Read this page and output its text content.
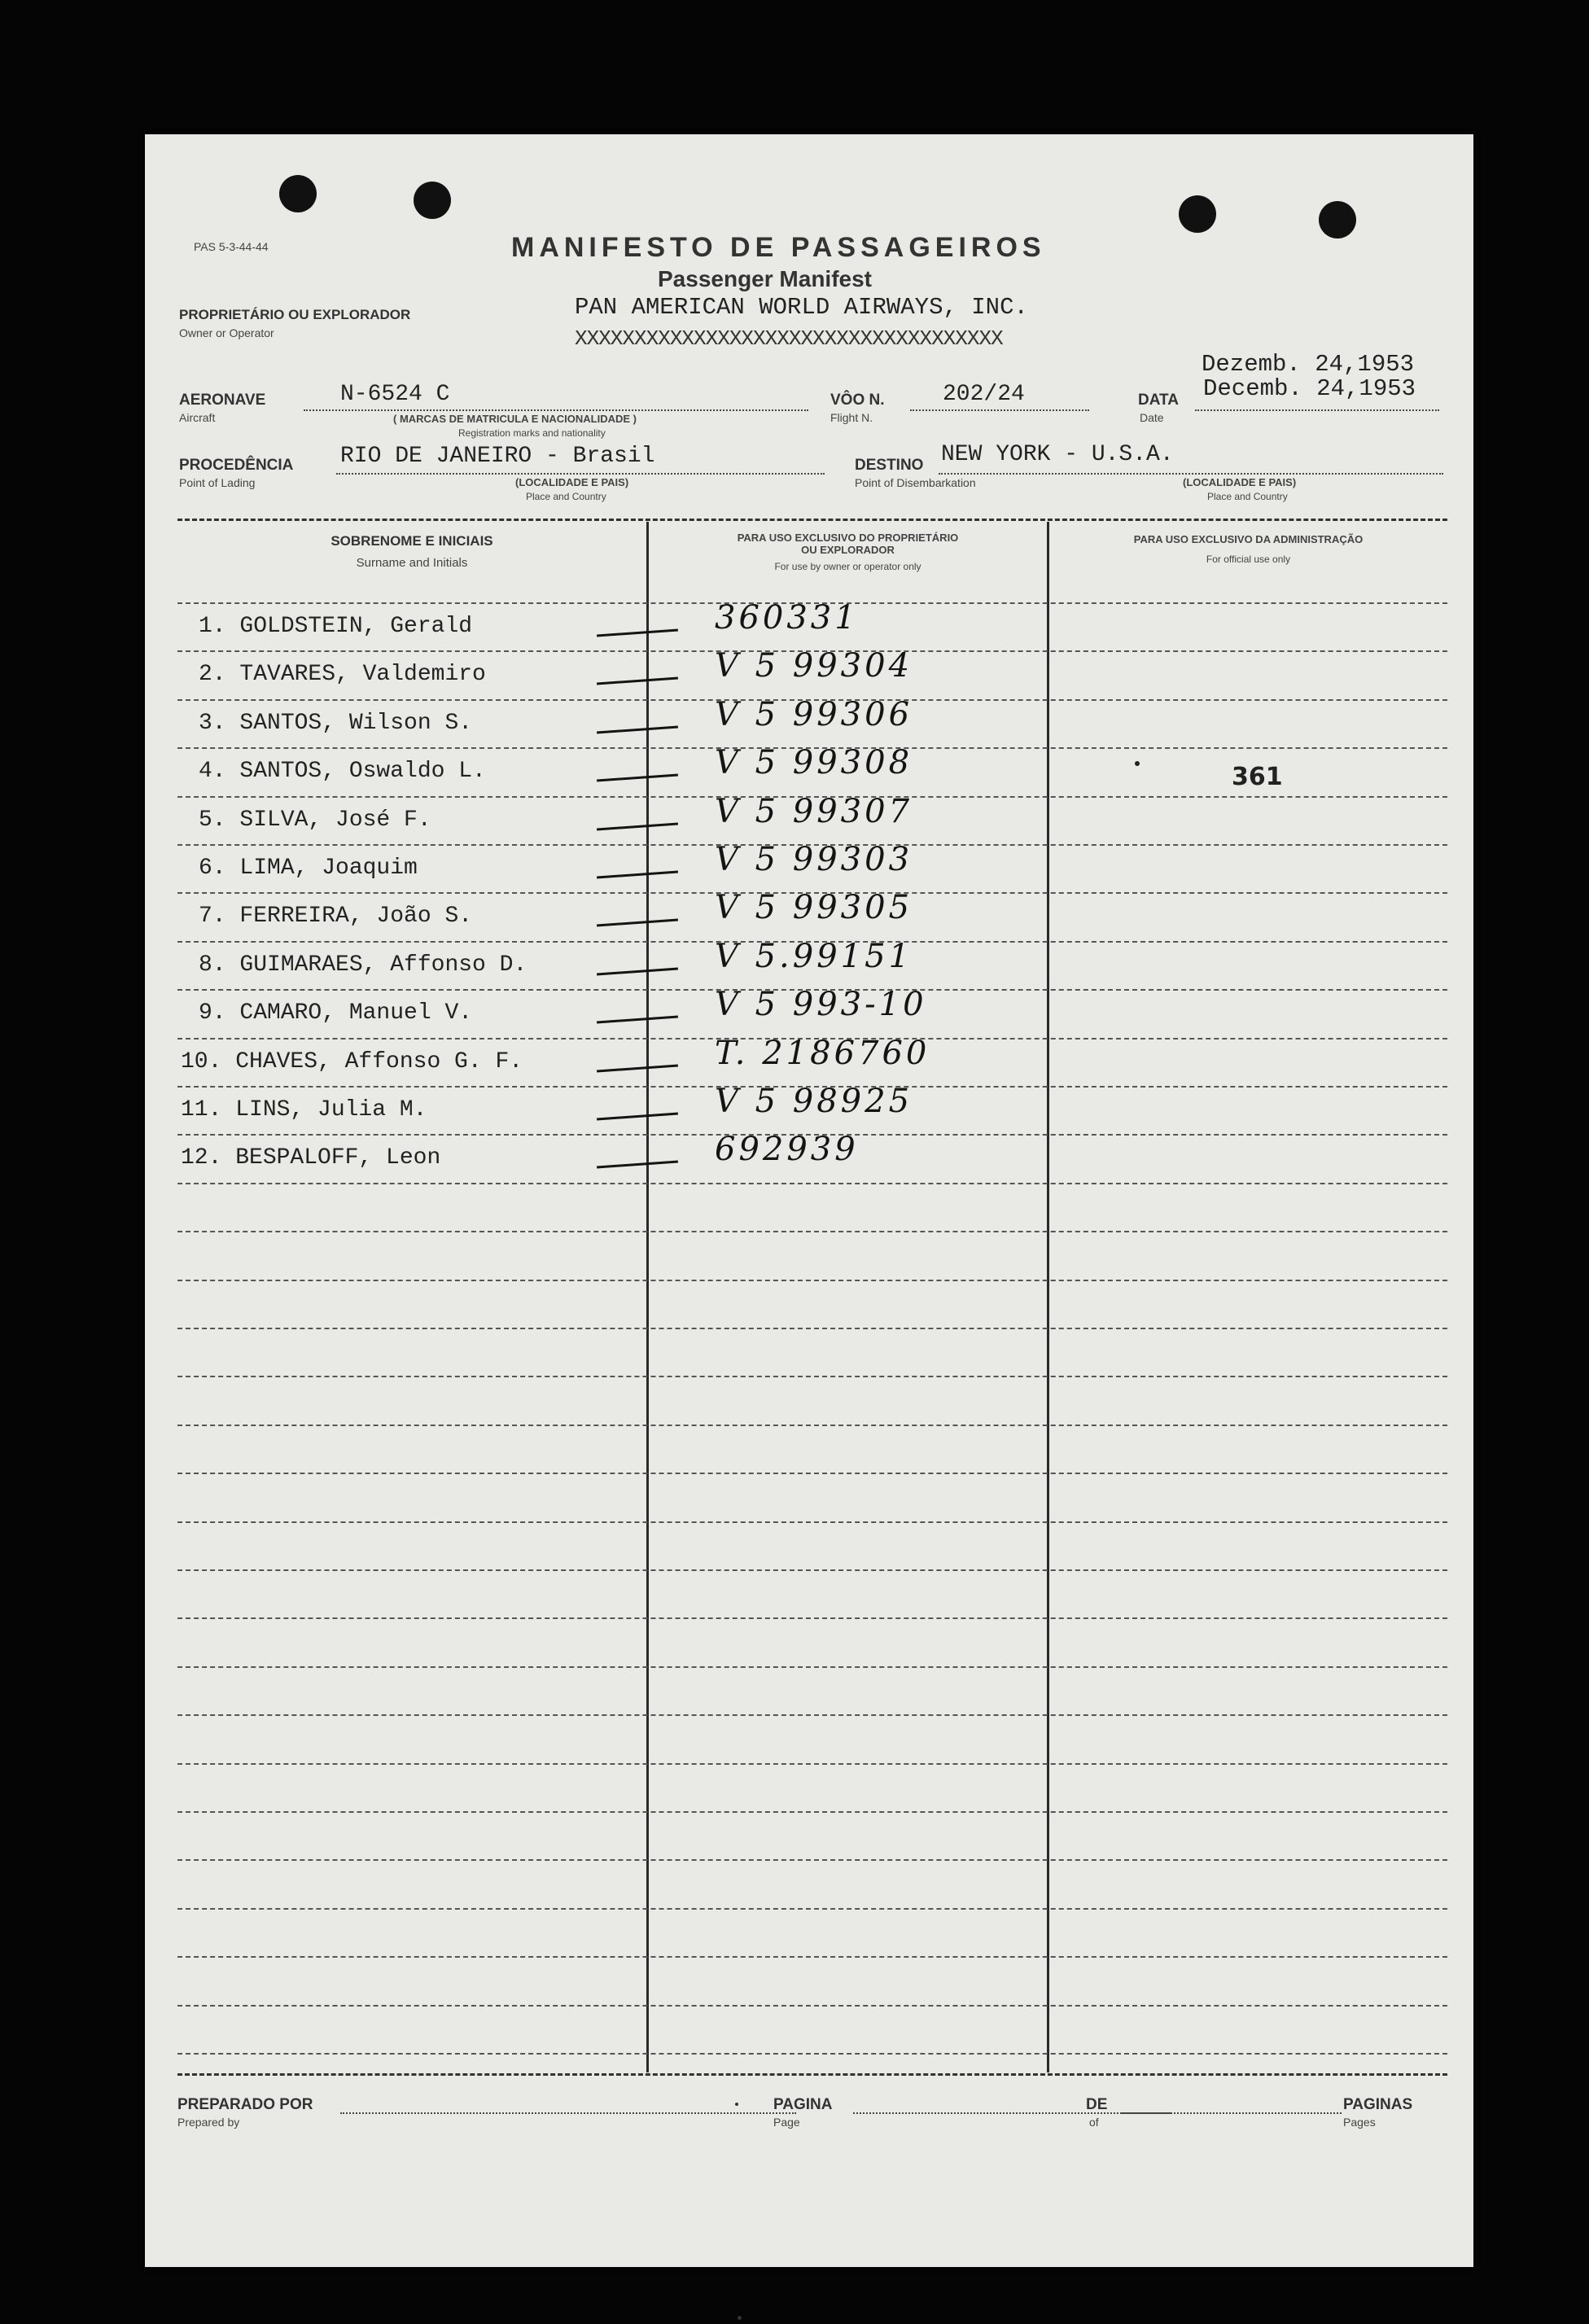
PAS 5-3-44-44	MANIFESTO DE PASSAGEIROS
Passenger Manifest
PAN AMERICAN WORLD AIRWAYS, INC.
XXXXXXXXXXXXXXXXXXXXXXXXXXXXXXXXXXXX
PROPRIETÁRIO OU EXPLORADOR
Owner or Operator
Dezemb. 24,1953
Decemb. 24,1953
AERONAVE
Aircraft
N-6524 C
( MARCAS DE MATRICULA E NACIONALIDADE )
Registration marks and nationality
VÔO N.
Flight N.
202/24	DATA
Date
PROCEDÊNCIA
Point of Lading
RIO DE JANEIRO - Brasil
(LOCALIDADE E PAIS)
Place and Country
DESTINO
Point of Disembarkation
NEW YORK - U.S.A.
(LOCALIDADE E PAIS)
Place and Country
SOBRENOME E INICIAIS
Surname and Initials
PARA USO EXCLUSIVO DO PROPRIETÁRIO
OU EXPLORADOR
For use by owner or operator only
PARA USO EXCLUSIVO DA ADMINISTRAÇÃO
For official use only
1. GOLDSTEIN, Gerald	360331
2. TAVARES, Valdemiro	V 5 99304
3. SANTOS, Wilson S.	V 5 99306
4. SANTOS, Oswaldo L.	V 5 99308
5. SILVA, José F.	V 5 99307
6. LIMA, Joaquim	V 5 99303
7. FERREIRA, João S.	V 5 99305
8. GUIMARAES, Affonso D.	V 5.99151
9. CAMARO, Manuel V.	V 5 993-10
10. CHAVES, Affonso G. F.	T. 2186760
11. LINS, Julia M.	V 5 98925
12. BESPALOFF, Leon	692939
361
PREPARADO POR
Prepared by
PAGINA
Page
DE
of
PAGINAS
Pages
